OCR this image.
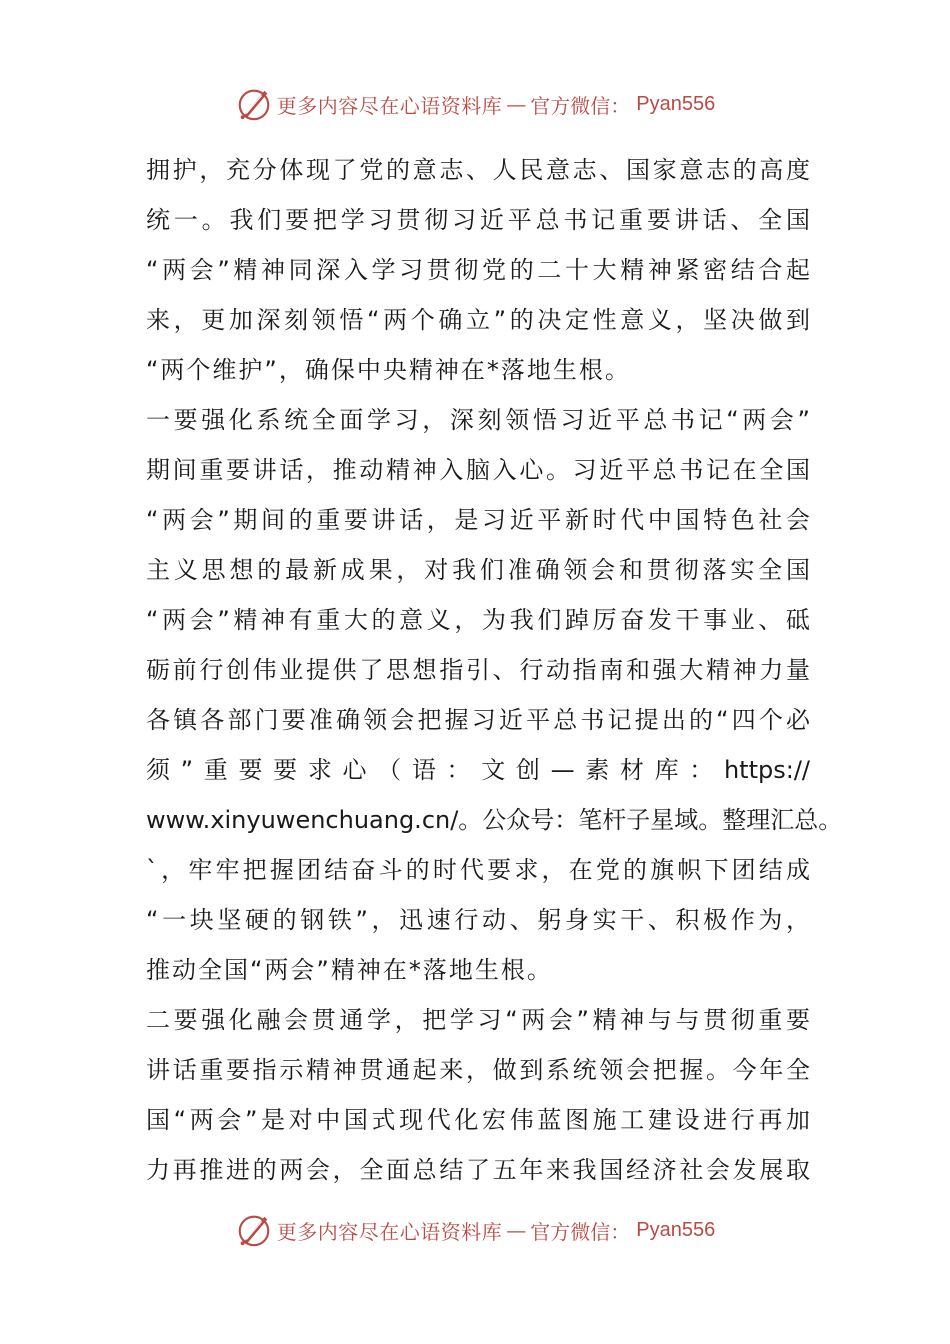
更多内容尽在心语资料库 — 官方微信： Pyan556
拥护，充分体现了党的意志、人民意志、国家意志的高度
统一。我们要把学习贯彻习近平总书记重要讲话、全国
“两会”精神同深入学习贯彻党的二十大精神紧密结合起
来，更加深刻领悟“两个确立”的决定性意义，坚决做到
“两个维护”，确保中央精神在*落地生根。
一要强化系统全面学习，深刻领悟习近平总书记“两会”
期间重要讲话，推动精神入脑入心。习近平总书记在全国
“两会”期间的重要讲话，是习近平新时代中国特色社会
主义思想的最新成果，对我们准确领会和贯彻落实全国
“两会”精神有重大的意义，为我们踔厉奋发干事业、砥
砺前行创伟业提供了思想指引、行动指南和强大精神力量
各镇各部门要准确领会把握习近平总书记提出的“四个必
须”重要要求心（语：文创—素材库：https://
www.xinyuwenchuang.cn/。公众号：笔杆子星域。整理汇总。
`，牢牢把握团结奋斗的时代要求，在党的旗帜下团结成
“一块坚硬的钢铁”，迅速行动、躬身实干、积极作为，
推动全国“两会”精神在*落地生根。
二要强化融会贯通学，把学习“两会”精神与与贯彻重要
讲话重要指示精神贯通起来，做到系统领会把握。今年全
国“两会”是对中国式现代化宏伟蓝图施工建设进行再加
力再推进的两会，全面总结了五年来我国经济社会发展取
更多内容尽在心语资料库 — 官方微信： Pyan556
